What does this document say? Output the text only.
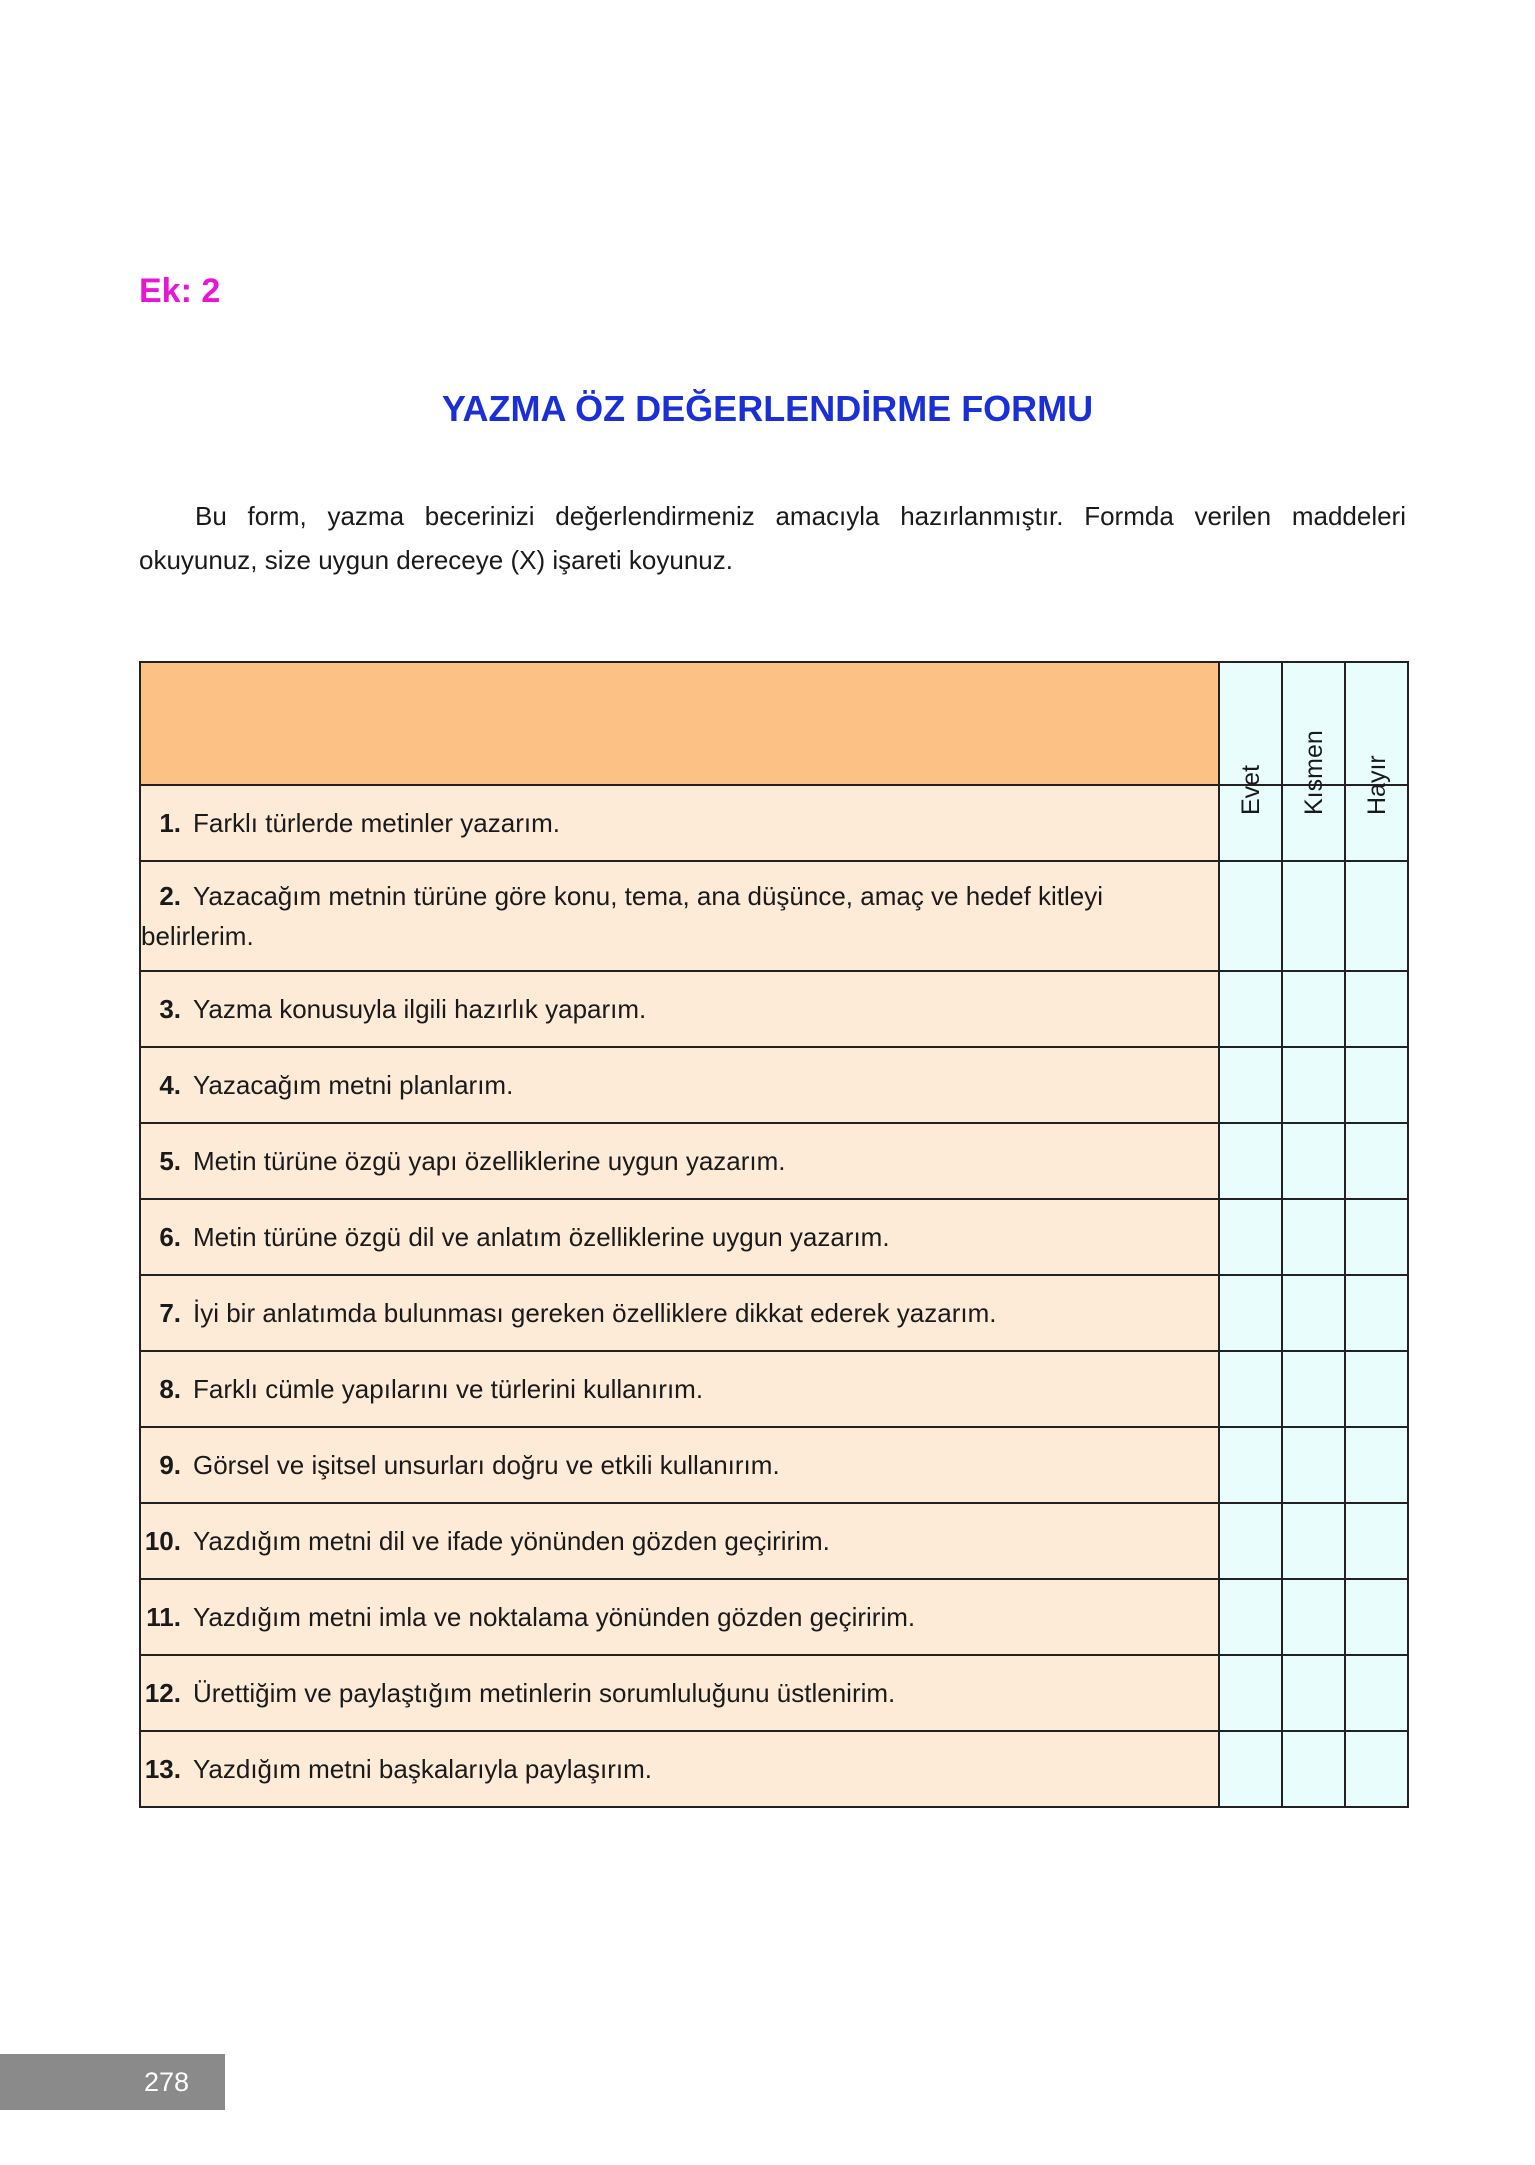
Ek: 2
YAZMA ÖZ DEĞERLENDİRME FORMU

Bu form, yazma becerinizi değerlendirmeniz amacıyla hazırlanmıştır. Formda verilen maddeleri okuyunuz, size uygun dereceye (X) işareti koyunuz.

	Evet	Kısmen	Hayır

1. Farklı türlerde metinler yazarım.			
2. Yazacağım metnin türüne göre konu, tema, ana düşünce, amaç ve hedef kitleyi belirlerim.			
3. Yazma konusuyla ilgili hazırlık yaparım.			
4. Yazacağım metni planlarım.			
5. Metin türüne özgü yapı özelliklerine uygun yazarım.			
6. Metin türüne özgü dil ve anlatım özelliklerine uygun yazarım.			
7. İyi bir anlatımda bulunması gereken özelliklere dikkat ederek yazarım.			
8. Farklı cümle yapılarını ve türlerini kullanırım.			
9. Görsel ve işitsel unsurları doğru ve etkili kullanırım.			
10. Yazdığım metni dil ve ifade yönünden gözden geçiririm.			
11. Yazdığım metni imla ve noktalama yönünden gözden geçiririm.			
12. Ürettiğim ve paylaştığım metinlerin sorumluluğunu üstlenirim.			
13. Yazdığım metni başkalarıyla paylaşırım.			
278
